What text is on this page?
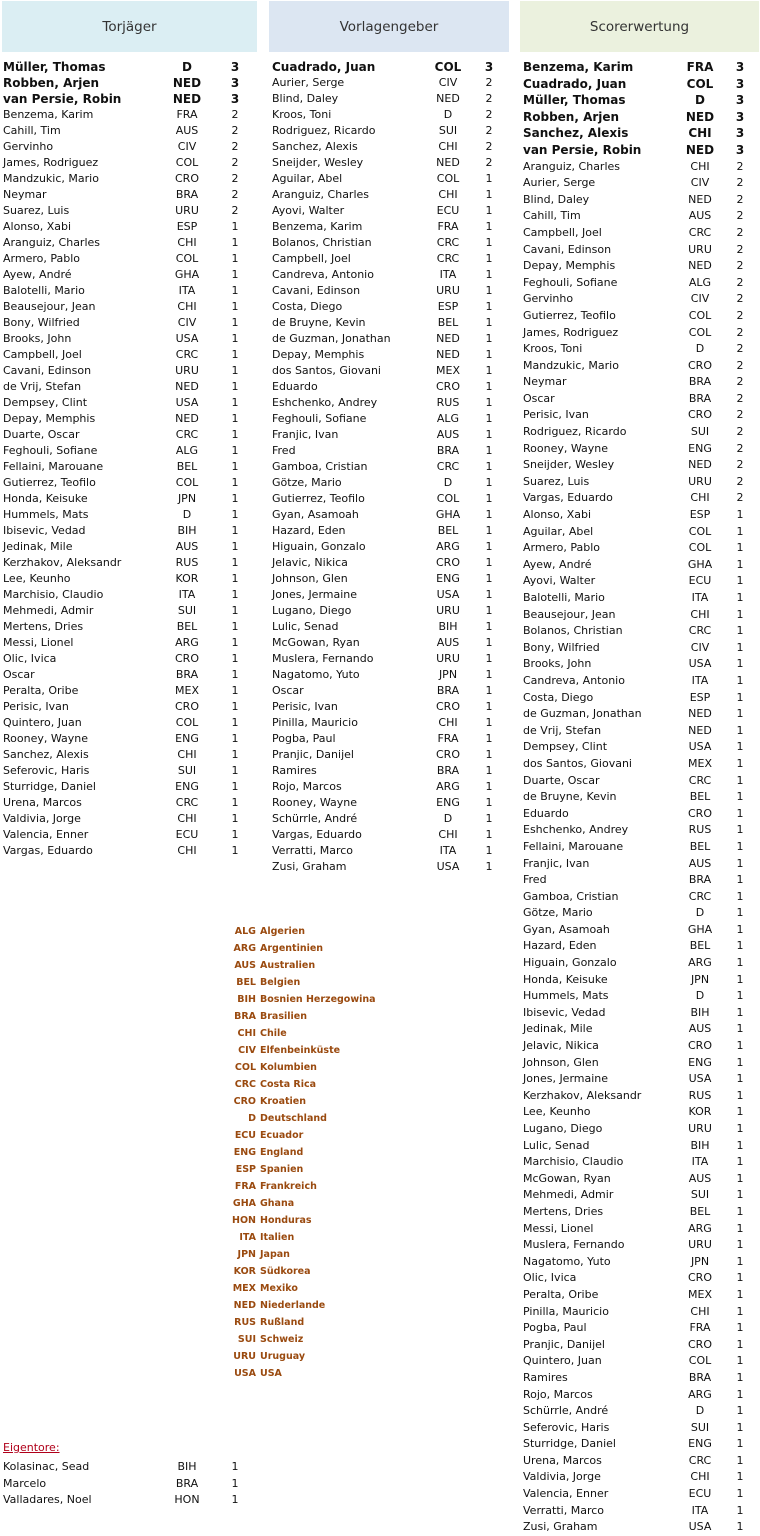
Torjäger	Vorlagengeber	Scorerwertung
Müller, Thomas	D	3
Robben, Arjen	NED	3
van Persie, Robin	NED	3
Benzema, Karim	FRA	2
Cahill, Tim	AUS	2
Gervinho	CIV	2
James, Rodriguez	COL	2
Mandzukic, Mario	CRO	2
Neymar	BRA	2
Suarez, Luis	URU	2
Alonso, Xabi	ESP	1
Aranguiz, Charles	CHI	1
Armero, Pablo	COL	1
Ayew, André	GHA	1
Balotelli, Mario	ITA	1
Beausejour, Jean	CHI	1
Bony, Wilfried	CIV	1
Brooks, John	USA	1
Campbell, Joel	CRC	1
Cavani, Edinson	URU	1
de Vrij, Stefan	NED	1
Dempsey, Clint	USA	1
Depay, Memphis	NED	1
Duarte, Oscar	CRC	1
Feghouli, Sofiane	ALG	1
Fellaini, Marouane	BEL	1
Gutierrez, Teofilo	COL	1
Honda, Keisuke	JPN	1
Hummels, Mats	D	1
Ibisevic, Vedad	BIH	1
Jedinak, Mile	AUS	1
Kerzhakov, Aleksandr	RUS	1
Lee, Keunho	KOR	1
Marchisio, Claudio	ITA	1
Mehmedi, Admir	SUI	1
Mertens, Dries	BEL	1
Messi, Lionel	ARG	1
Olic, Ivica	CRO	1
Oscar	BRA	1
Peralta, Oribe	MEX	1
Perisic, Ivan	CRO	1
Quintero, Juan	COL	1
Rooney, Wayne	ENG	1
Sanchez, Alexis	CHI	1
Seferovic, Haris	SUI	1
Sturridge, Daniel	ENG	1
Urena, Marcos	CRC	1
Valdivia, Jorge	CHI	1
Valencia, Enner	ECU	1
Vargas, Eduardo	CHI	1
Cuadrado, Juan	COL	3
Aurier, Serge	CIV	2
Blind, Daley	NED	2
Kroos, Toni	D	2
Rodriguez, Ricardo	SUI	2
Sanchez, Alexis	CHI	2
Sneijder, Wesley	NED	2
Aguilar, Abel	COL	1
Aranguiz, Charles	CHI	1
Ayovi, Walter	ECU	1
Benzema, Karim	FRA	1
Bolanos, Christian	CRC	1
Campbell, Joel	CRC	1
Candreva, Antonio	ITA	1
Cavani, Edinson	URU	1
Costa, Diego	ESP	1
de Bruyne, Kevin	BEL	1
de Guzman, Jonathan	NED	1
Depay, Memphis	NED	1
dos Santos, Giovani	MEX	1
Eduardo	CRO	1
Eshchenko, Andrey	RUS	1
Feghouli, Sofiane	ALG	1
Franjic, Ivan	AUS	1
Fred	BRA	1
Gamboa, Cristian	CRC	1
Götze, Mario	D	1
Gutierrez, Teofilo	COL	1
Gyan, Asamoah	GHA	1
Hazard, Eden	BEL	1
Higuain, Gonzalo	ARG	1
Jelavic, Nikica	CRO	1
Johnson, Glen	ENG	1
Jones, Jermaine	USA	1
Lugano, Diego	URU	1
Lulic, Senad	BIH	1
McGowan, Ryan	AUS	1
Muslera, Fernando	URU	1
Nagatomo, Yuto	JPN	1
Oscar	BRA	1
Perisic, Ivan	CRO	1
Pinilla, Mauricio	CHI	1
Pogba, Paul	FRA	1
Pranjic, Danijel	CRO	1
Ramires	BRA	1
Rojo, Marcos	ARG	1
Rooney, Wayne	ENG	1
Schürrle, André	D	1
Vargas, Eduardo	CHI	1
Verratti, Marco	ITA	1
Zusi, Graham	USA	1
Benzema, Karim	FRA	3
Cuadrado, Juan	COL	3
Müller, Thomas	D	3
Robben, Arjen	NED	3
Sanchez, Alexis	CHI	3
van Persie, Robin	NED	3
Aranguiz, Charles	CHI	2
Aurier, Serge	CIV	2
Blind, Daley	NED	2
Cahill, Tim	AUS	2
Campbell, Joel	CRC	2
Cavani, Edinson	URU	2
Depay, Memphis	NED	2
Feghouli, Sofiane	ALG	2
Gervinho	CIV	2
Gutierrez, Teofilo	COL	2
James, Rodriguez	COL	2
Kroos, Toni	D	2
Mandzukic, Mario	CRO	2
Neymar	BRA	2
Oscar	BRA	2
Perisic, Ivan	CRO	2
Rodriguez, Ricardo	SUI	2
Rooney, Wayne	ENG	2
Sneijder, Wesley	NED	2
Suarez, Luis	URU	2
Vargas, Eduardo	CHI	2
Alonso, Xabi	ESP	1
Aguilar, Abel	COL	1
Armero, Pablo	COL	1
Ayew, André	GHA	1
Ayovi, Walter	ECU	1
Balotelli, Mario	ITA	1
Beausejour, Jean	CHI	1
Bolanos, Christian	CRC	1
Bony, Wilfried	CIV	1
Brooks, John	USA	1
Candreva, Antonio	ITA	1
Costa, Diego	ESP	1
de Guzman, Jonathan	NED	1
de Vrij, Stefan	NED	1
Dempsey, Clint	USA	1
dos Santos, Giovani	MEX	1
Duarte, Oscar	CRC	1
de Bruyne, Kevin	BEL	1
Eduardo	CRO	1
Eshchenko, Andrey	RUS	1
Fellaini, Marouane	BEL	1
Franjic, Ivan	AUS	1
Fred	BRA	1
Gamboa, Cristian	CRC	1
Götze, Mario	D	1
Gyan, Asamoah	GHA	1
Hazard, Eden	BEL	1
Higuain, Gonzalo	ARG	1
Honda, Keisuke	JPN	1
Hummels, Mats	D	1
Ibisevic, Vedad	BIH	1
Jedinak, Mile	AUS	1
Jelavic, Nikica	CRO	1
Johnson, Glen	ENG	1
Jones, Jermaine	USA	1
Kerzhakov, Aleksandr	RUS	1
Lee, Keunho	KOR	1
Lugano, Diego	URU	1
Lulic, Senad	BIH	1
Marchisio, Claudio	ITA	1
McGowan, Ryan	AUS	1
Mehmedi, Admir	SUI	1
Mertens, Dries	BEL	1
Messi, Lionel	ARG	1
Muslera, Fernando	URU	1
Nagatomo, Yuto	JPN	1
Olic, Ivica	CRO	1
Peralta, Oribe	MEX	1
Pinilla, Mauricio	CHI	1
Pogba, Paul	FRA	1
Pranjic, Danijel	CRO	1
Quintero, Juan	COL	1
Ramires	BRA	1
Rojo, Marcos	ARG	1
Schürrle, André	D	1
Seferovic, Haris	SUI	1
Sturridge, Daniel	ENG	1
Urena, Marcos	CRC	1
Valdivia, Jorge	CHI	1
Valencia, Enner	ECU	1
Verratti, Marco	ITA	1
Zusi, Graham	USA	1
ALG Algerien
ARG Argentinien
AUS Australien
BEL Belgien
BIH Bosnien Herzegowina
BRA Brasilien
CHI Chile
CIV Elfenbeinküste
COL Kolumbien
CRC Costa Rica
CRO Kroatien
D Deutschland
ECU Ecuador
ENG England
ESP Spanien
FRA Frankreich
GHA Ghana
HON Honduras
ITA Italien
JPN Japan
KOR Südkorea
MEX Mexiko
NED Niederlande
RUS Rußland
SUI Schweiz
URU Uruguay
USA USA
Eigentore:
Kolasinac, Sead	BIH	1
Marcelo	BRA	1
Valladares, Noel	HON	1
